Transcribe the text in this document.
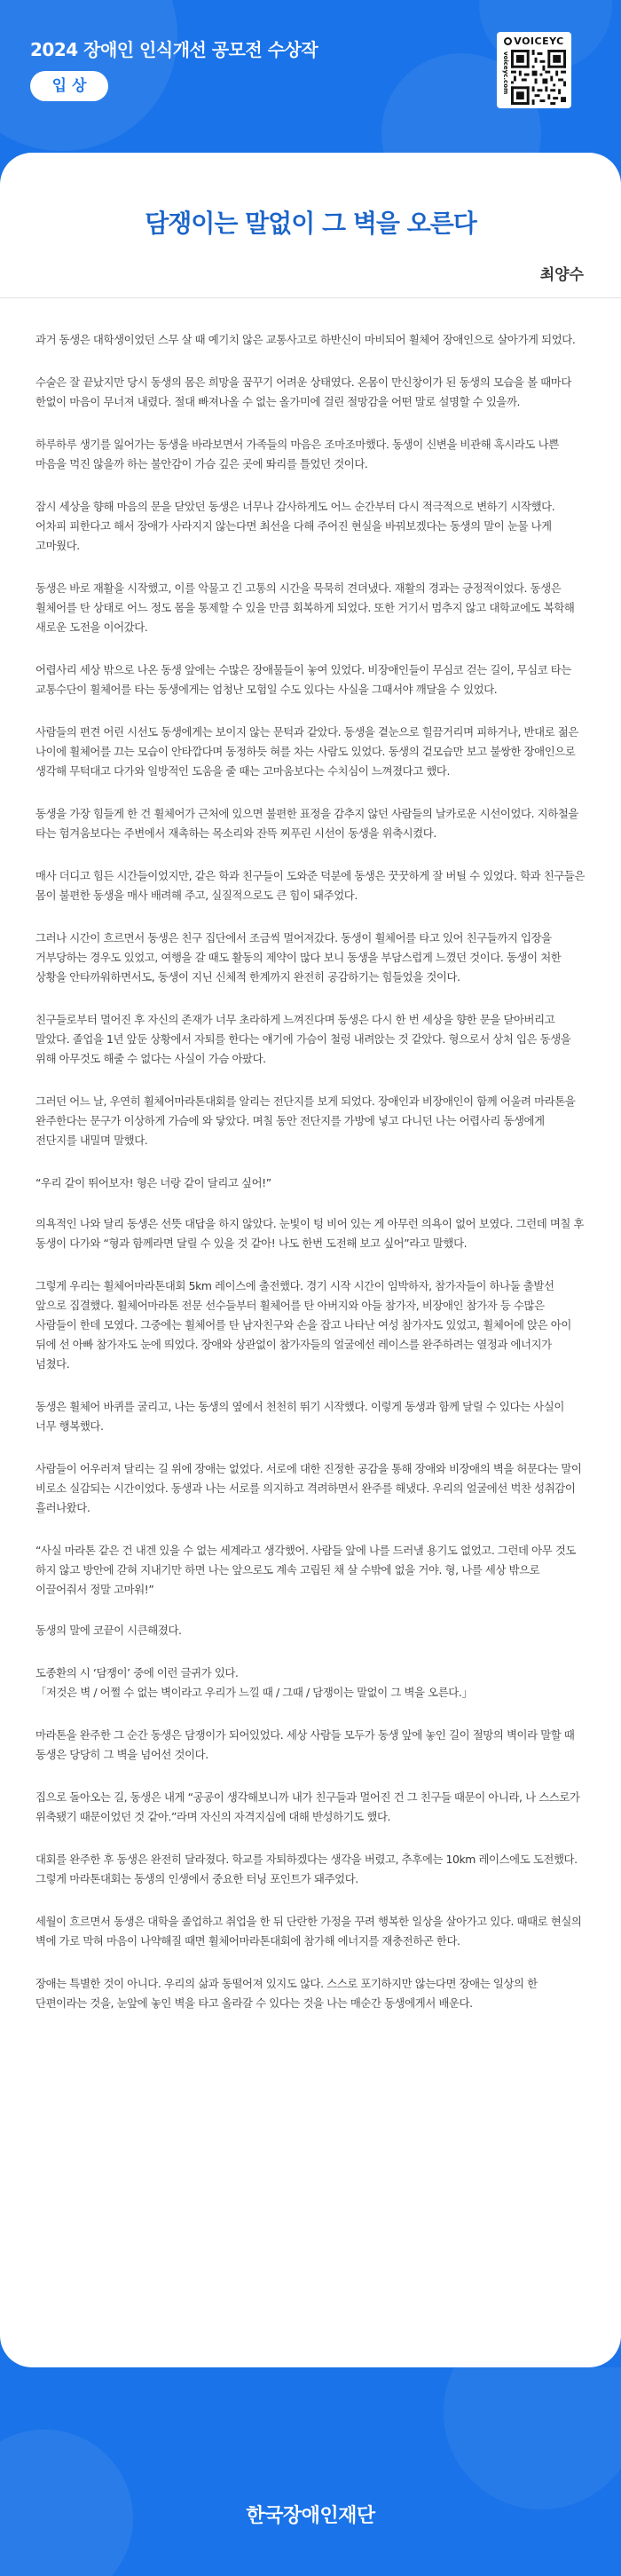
2024 장애인 인식개선 공모전 수상작
입 상
VOICEYC
voiceyc.com
담쟁이는 말없이 그 벽을 오른다
최양수

과거 동생은 대학생이었던 스무 살 때 예기치 않은 교통사고로 하반신이 마비되어 휠체어 장애인으로 살아가게 되었다.

수술은 잘 끝났지만 당시 동생의 몸은 희망을 꿈꾸기 어려운 상태였다. 온몸이 만신창이가 된 동생의 모습을 볼 때마다 한없이 마음이 무너져 내렸다. 절대 빠져나올 수 없는 올가미에 걸린 절망감을 어떤 말로 설명할 수 있을까.

하루하루 생기를 잃어가는 동생을 바라보면서 가족들의 마음은 조마조마했다. 동생이 신변을 비관해 혹시라도 나쁜 마음을 먹진 않을까 하는 불안감이 가슴 깊은 곳에 똬리를 틀었던 것이다.

잠시 세상을 향해 마음의 문을 닫았던 동생은 너무나 감사하게도 어느 순간부터 다시 적극적으로 변하기 시작했다. 어차피 피한다고 해서 장애가 사라지지 않는다면 최선을 다해 주어진 현실을 바꿔보겠다는 동생의 말이 눈물 나게 고마웠다.

동생은 바로 재활을 시작했고, 이를 악물고 긴 고통의 시간을 묵묵히 견뎌냈다. 재활의 경과는 긍정적이었다. 동생은 휠체어를 탄 상태로 어느 정도 몸을 통제할 수 있을 만큼 회복하게 되었다. 또한 거기서 멈추지 않고 대학교에도 복학해 새로운 도전을 이어갔다.

어렵사리 세상 밖으로 나온 동생 앞에는 수많은 장애물들이 놓여 있었다. 비장애인들이 무심코 걷는 길이, 무심코 타는 교통수단이 휠체어를 타는 동생에게는 엄청난 모험일 수도 있다는 사실을 그때서야 깨달을 수 있었다.

사람들의 편견 어린 시선도 동생에게는 보이지 않는 문턱과 같았다. 동생을 곁눈으로 힐끔거리며 피하거나, 반대로 젊은 나이에 휠체어를 끄는 모습이 안타깝다며 동정하듯 혀를 차는 사람도 있었다. 동생의 겉모습만 보고 불쌍한 장애인으로 생각해 무턱대고 다가와 일방적인 도움을 줄 때는 고마움보다는 수치심이 느껴졌다고 했다.

동생을 가장 힘들게 한 건 휠체어가 근처에 있으면 불편한 표정을 감추지 않던 사람들의 날카로운 시선이었다. 지하철을 타는 험겨움보다는 주변에서 재촉하는 목소리와 잔뜩 찌푸린 시선이 동생을 위축시켰다.

매사 더디고 힘든 시간들이었지만, 같은 학과 친구들이 도와준 덕분에 동생은 꿋꿋하게 잘 버틸 수 있었다. 학과 친구들은 몸이 불편한 동생을 매사 배려해 주고, 실질적으로도 큰 힘이 돼주었다.

그러나 시간이 흐르면서 동생은 친구 집단에서 조금씩 멀어져갔다. 동생이 휠체어를 타고 있어 친구들까지 입장을 거부당하는 경우도 있었고, 여행을 갈 때도 활동의 제약이 많다 보니 동생을 부담스럽게 느꼈던 것이다. 동생이 처한 상황을 안타까워하면서도, 동생이 지닌 신체적 한계까지 완전히 공감하기는 힘들었을 것이다.

친구들로부터 멀어진 후 자신의 존재가 너무 초라하게 느껴진다며 동생은 다시 한 번 세상을 향한 문을 닫아버리고 말았다. 졸업을 1년 앞둔 상황에서 자퇴를 한다는 얘기에 가슴이 철렁 내려앉는 것 같았다. 형으로서 상처 입은 동생을 위해 아무것도 해줄 수 없다는 사실이 가슴 아팠다.

그러던 어느 날, 우연히 휠체어마라톤대회를 알리는 전단지를 보게 되었다. 장애인과 비장애인이 함께 어울려 마라톤을 완주한다는 문구가 이상하게 가슴에 와 닿았다. 며칠 동안 전단지를 가방에 넣고 다니던 나는 어렵사리 동생에게 전단지를 내밀며 말했다.

“우리 같이 뛰어보자! 형은 너랑 같이 달리고 싶어!”

의욕적인 나와 달리 동생은 선뜻 대답을 하지 않았다. 눈빛이 텅 비어 있는 게 아무런 의욕이 없어 보였다. 그런데 며칠 후 동생이 다가와 “형과 함께라면 달릴 수 있을 것 같아! 나도 한번 도전해 보고 싶어”라고 말했다.

그렇게 우리는 휠체어마라톤대회 5km 레이스에 출전했다. 경기 시작 시간이 임박하자, 참가자들이 하나둘 출발선 앞으로 집결했다. 휠체어마라톤 전문 선수들부터 휠체어를 탄 아버지와 아들 참가자, 비장애인 참가자 등 수많은 사람들이 한데 모였다. 그중에는 휠체어를 탄 남자친구와 손을 잡고 나타난 여성 참가자도 있었고, 휠체어에 앉은 아이 뒤에 선 아빠 참가자도 눈에 띄었다. 장애와 상관없이 참가자들의 얼굴에선 레이스를 완주하려는 열정과 에너지가 넘쳤다.

동생은 휠체어 바퀴를 굴리고, 나는 동생의 옆에서 천천히 뛰기 시작했다. 이렇게 동생과 함께 달릴 수 있다는 사실이 너무 행복했다.

사람들이 어우러져 달리는 길 위에 장애는 없었다. 서로에 대한 진정한 공감을 통해 장애와 비장애의 벽을 허문다는 말이 비로소 실감되는 시간이었다. 동생과 나는 서로를 의지하고 격려하면서 완주를 해냈다. 우리의 얼굴에선 벅찬 성취감이 흘러나왔다.

“사실 마라톤 같은 건 내겐 있을 수 없는 세계라고 생각했어. 사람들 앞에 나를 드러낼 용기도 없었고. 그런데 아무 것도 하지 않고 방안에 갇혀 지내기만 하면 나는 앞으로도 계속 고립된 채 살 수밖에 없을 거야. 형, 나를 세상 밖으로 이끌어줘서 정말 고마워!”

동생의 말에 코끝이 시큰해졌다.

도종환의 시 ‘담쟁이’ 중에 이런 글귀가 있다.
「저것은 벽 / 어쩔 수 없는 벽이라고 우리가 느낄 때 / 그때 / 담쟁이는 말없이 그 벽을 오른다.」

마라톤을 완주한 그 순간 동생은 담쟁이가 되어있었다. 세상 사람들 모두가 동생 앞에 놓인 길이 절망의 벽이라 말할 때 동생은 당당히 그 벽을 넘어선 것이다.

집으로 돌아오는 길, 동생은 내게 “공공이 생각해보니까 내가 친구들과 멀어진 건 그 친구들 때문이 아니라, 나 스스로가 위축됐기 때문이었던 것 같아.”라며 자신의 자격지심에 대해 반성하기도 했다.

대회를 완주한 후 동생은 완전히 달라졌다. 학교를 자퇴하겠다는 생각을 버렸고, 추후에는 10km 레이스에도 도전했다. 그렇게 마라톤대회는 동생의 인생에서 중요한 터닝 포인트가 돼주었다.

세월이 흐르면서 동생은 대학을 졸업하고 취업을 한 뒤 단란한 가정을 꾸려 행복한 일상을 살아가고 있다. 때때로 현실의 벽에 가로 막혀 마음이 나약해질 때면 휠체어마라톤대회에 참가해 에너지를 재충전하곤 한다.

장애는 특별한 것이 아니다. 우리의 삶과 동떨어져 있지도 않다. 스스로 포기하지만 않는다면 장애는 일상의 한 단편이라는 것을, 눈앞에 놓인 벽을 타고 올라갈 수 있다는 것을 나는 매순간 동생에게서 배운다.

한국장애인재단
